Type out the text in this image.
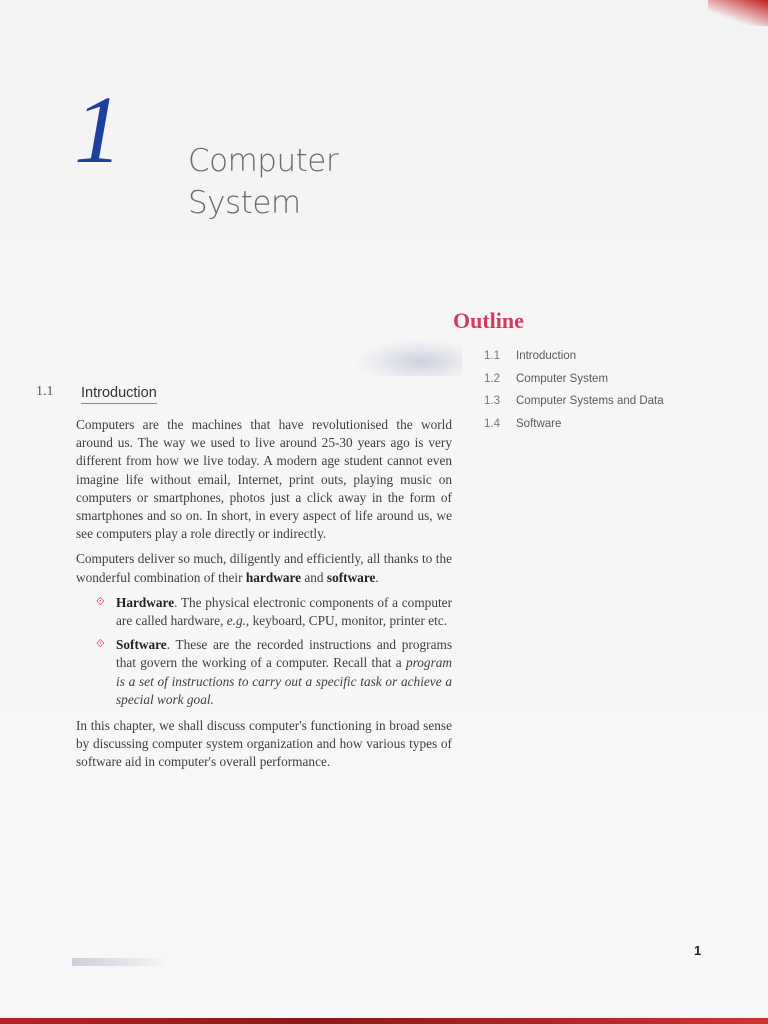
1 Computer
System
Outline
1.1	Introduction
1.2	Computer System
1.3	Computer Systems and Data
1.4	Software
1.1 Introduction

Computers are the machines that have revolutionised the world around us. The way we used to live around 25-30 years ago is very different from how we live today. A modern age student cannot even imagine life without email, Internet, print outs, playing music on computers or smartphones, photos just a click away in the form of smartphones and so on. In short, in every aspect of life around us, we see computers play a role directly or indirectly.

Computers deliver so much, diligently and efficiently, all thanks to the wonderful combination of their hardware and software.

⟐ Hardware. The physical electronic components of a computer are called hardware, e.g., keyboard, CPU, monitor, printer etc.
⟐ Software. These are the recorded instructions and programs that govern the working of a computer. Recall that a program is a set of instructions to carry out a specific task or achieve a special work goal.

In this chapter, we shall discuss computer's functioning in broad sense by discussing computer system organization and how various types of software aid in computer's overall performance.

1
